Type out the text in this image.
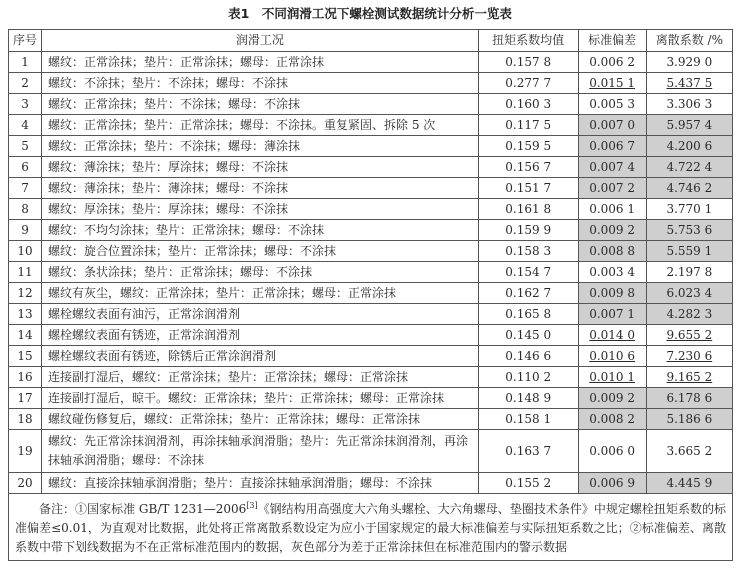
表1　不同润滑工况下螺栓测试数据统计分析一览表
序号	润滑工况	扭矩系数均值	标准偏差	离散系数 /%
1	螺纹：正常涂抹；垫片：正常涂抹；螺母：正常涂抹	0.157 8	0.006 2	3.929 0
2	螺纹：不涂抹；垫片：不涂抹；螺母：不涂抹	0.277 7	0.015 1	5.437 5
3	螺纹：正常涂抹；垫片：不涂抹；螺母：不涂抹	0.160 3	0.005 3	3.306 3
4	螺纹：正常涂抹；垫片：正常涂抹；螺母：不涂抹。重复紧固、拆除 5 次	0.117 5	0.007 0	5.957 4
5	螺纹：正常涂抹；垫片：不涂抹；螺母：薄涂抹	0.159 5	0.006 7	4.200 6
6	螺纹：薄涂抹；垫片：厚涂抹；螺母：不涂抹	0.156 7	0.007 4	4.722 4
7	螺纹：薄涂抹；垫片：薄涂抹；螺母：不涂抹	0.151 7	0.007 2	4.746 2
8	螺纹：厚涂抹；垫片：厚涂抹；螺母：不涂抹	0.161 8	0.006 1	3.770 1
9	螺纹：不均匀涂抹；垫片：正常涂抹；螺母：不涂抹	0.159 9	0.009 2	5.753 6
10	螺纹：旋合位置涂抹；垫片：正常涂抹；螺母：不涂抹	0.158 3	0.008 8	5.559 1
11	螺纹：条状涂抹；垫片：正常涂抹；螺母：不涂抹	0.154 7	0.003 4	2.197 8
12	螺纹有灰尘，螺纹：正常涂抹；垫片：正常涂抹；螺母：正常涂抹	0.162 7	0.009 8	6.023 4
13	螺栓螺纹表面有油污，正常涂润滑剂	0.165 8	0.007 1	4.282 3
14	螺栓螺纹表面有锈迹，正常涂润滑剂	0.145 0	0.014 0	9.655 2
15	螺栓螺纹表面有锈迹，除锈后正常涂润滑剂	0.146 6	0.010 6	7.230 6
16	连接副打湿后，螺纹：正常涂抹；垫片：正常涂抹；螺母：正常涂抹	0.110 2	0.010 1	9.165 2
17	连接副打湿后，晾干。螺纹：正常涂抹；垫片：正常涂抹；螺母：正常涂抹	0.148 9	0.009 2	6.178 6
18	螺纹碰伤修复后，螺纹：正常涂抹；垫片：正常涂抹；螺母：正常涂抹	0.158 1	0.008 2	5.186 6
19	螺纹：先正常涂抹润滑剂，再涂抹轴承润滑脂；垫片：先正常涂抹润滑剂，再涂抹轴承润滑脂；螺母：不涂抹	0.163 7	0.006 0	3.665 2
20	螺纹：直接涂抹轴承润滑脂；垫片：直接涂抹轴承润滑脂；螺母：不涂抹	0.155 2	0.006 9	4.445 9
备注：①国家标准 GB/T 1231—2006[3]《钢结构用高强度大六角头螺栓、大六角螺母、垫圈技术条件》中规定螺栓扭矩系数的标准偏差≤0.01，为直观对比数据，此处将正常离散系数设定为应小于国家规定的最大标准偏差与实际扭矩系数之比；②标准偏差、离散系数中带下划线数据为不在正常标准范围内的数据，灰色部分为差于正常涂抹但在标准范围内的警示数据				
